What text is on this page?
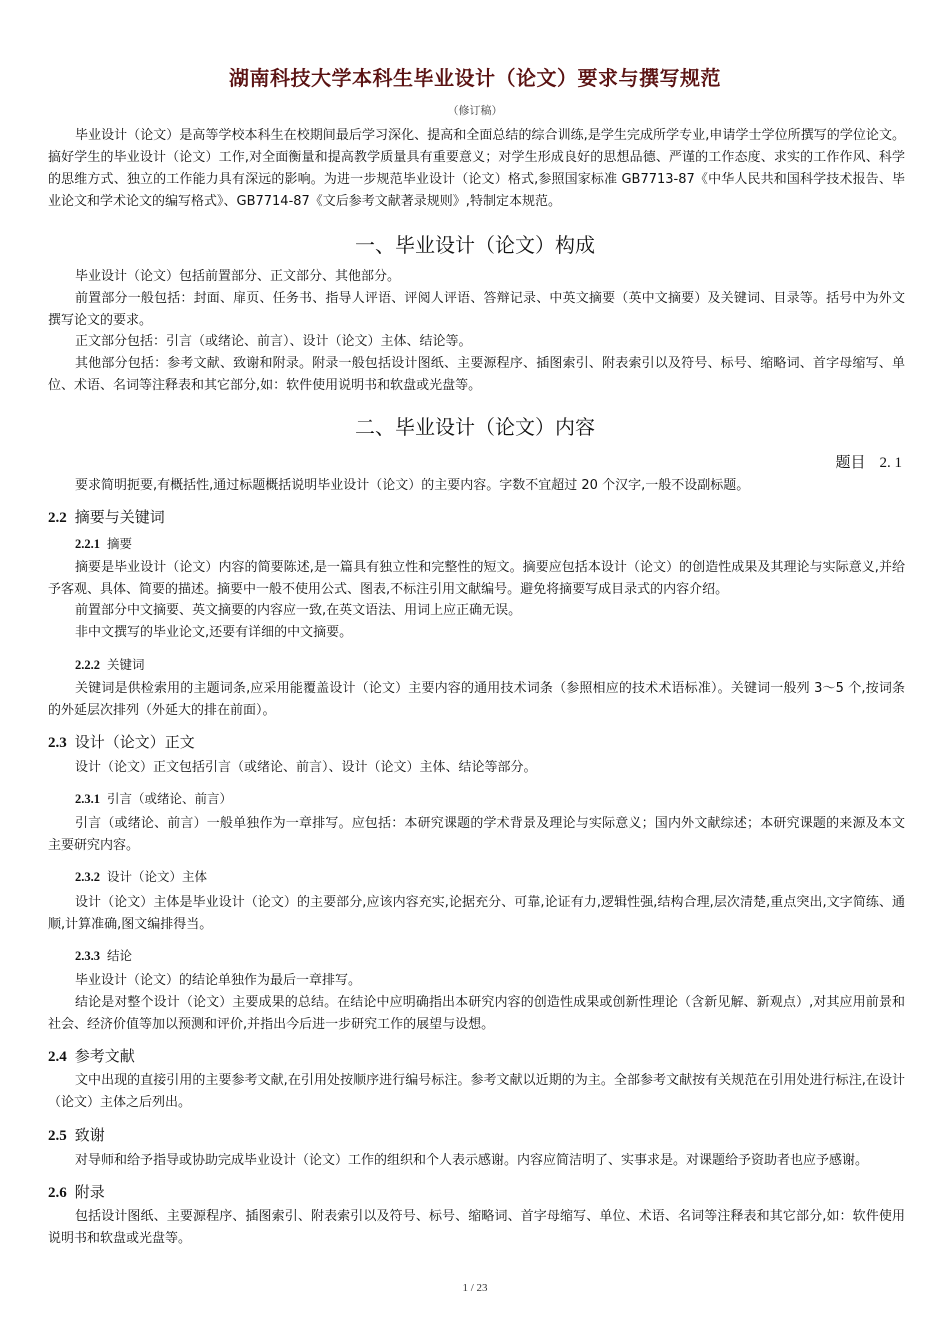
湖南科技大学本科生毕业设计（论文）要求与撰写规范
（修订稿）

毕业设计（论文）是高等学校本科生在校期间最后学习深化、提高和全面总结的综合训练,是学生完成所学专业,申请学士学位所撰写的学位论文。搞好学生的毕业设计（论文）工作,对全面衡量和提高教学质量具有重要意义；对学生形成良好的思想品德、严谨的工作态度、求实的工作作风、科学的思维方式、独立的工作能力具有深远的影响。为进一步规范毕业设计（论文）格式,参照国家标准 GB7713-87《中华人民共和国科学技术报告、毕业论文和学术论文的编写格式》、GB7714-87《文后参考文献著录规则》,特制定本规范。

一、毕业设计（论文）构成

毕业设计（论文）包括前置部分、正文部分、其他部分。

前置部分一般包括：封面、扉页、任务书、指导人评语、评阅人评语、答辩记录、中英文摘要（英中文摘要）及关键词、目录等。括号中为外文撰写论文的要求。

正文部分包括：引言（或绪论、前言）、设计（论文）主体、结论等。

其他部分包括：参考文献、致谢和附录。附录一般包括设计图纸、主要源程序、插图索引、附表索引以及符号、标号、缩略词、首字母缩写、单位、术语、名词等注释表和其它部分,如：软件使用说明书和软盘或光盘等。

二、毕业设计（论文）内容
题目 2. 1

要求简明扼要,有概括性,通过标题概括说明毕业设计（论文）的主要内容。字数不宜超过 20 个汉字,一般不设副标题。

2.2 摘要与关键词
2.2.1 摘要

摘要是毕业设计（论文）内容的简要陈述,是一篇具有独立性和完整性的短文。摘要应包括本设计（论文）的创造性成果及其理论与实际意义,并给予客观、具体、简要的描述。摘要中一般不使用公式、图表,不标注引用文献编号。避免将摘要写成目录式的内容介绍。

前置部分中文摘要、英文摘要的内容应一致,在英文语法、用词上应正确无误。

非中文撰写的毕业论文,还要有详细的中文摘要。

2.2.2 关键词

关键词是供检索用的主题词条,应采用能覆盖设计（论文）主要内容的通用技术词条（参照相应的技术术语标准）。关键词一般列 3～5 个,按词条的外延层次排列（外延大的排在前面）。

2.3 设计（论文）正文

设计（论文）正文包括引言（或绪论、前言）、设计（论文）主体、结论等部分。

2.3.1 引言（或绪论、前言）

引言（或绪论、前言）一般单独作为一章排写。应包括：本研究课题的学术背景及理论与实际意义；国内外文献综述；本研究课题的来源及本文主要研究内容。

2.3.2 设计（论文）主体

设计（论文）主体是毕业设计（论文）的主要部分,应该内容充实,论据充分、可靠,论证有力,逻辑性强,结构合理,层次清楚,重点突出,文字简练、通顺,计算准确,图文编排得当。

2.3.3 结论

毕业设计（论文）的结论单独作为最后一章排写。

结论是对整个设计（论文）主要成果的总结。在结论中应明确指出本研究内容的创造性成果或创新性理论（含新见解、新观点）,对其应用前景和社会、经济价值等加以预测和评价,并指出今后进一步研究工作的展望与设想。

2.4 参考文献

文中出现的直接引用的主要参考文献,在引用处按顺序进行编号标注。参考文献以近期的为主。全部参考文献按有关规范在引用处进行标注,在设计（论文）主体之后列出。

2.5 致谢

对导师和给予指导或协助完成毕业设计（论文）工作的组织和个人表示感谢。内容应简洁明了、实事求是。对课题给予资助者也应予感谢。

2.6 附录

包括设计图纸、主要源程序、插图索引、附表索引以及符号、标号、缩略词、首字母缩写、单位、术语、名词等注释表和其它部分,如：软件使用说明书和软盘或光盘等。

1 / 23
